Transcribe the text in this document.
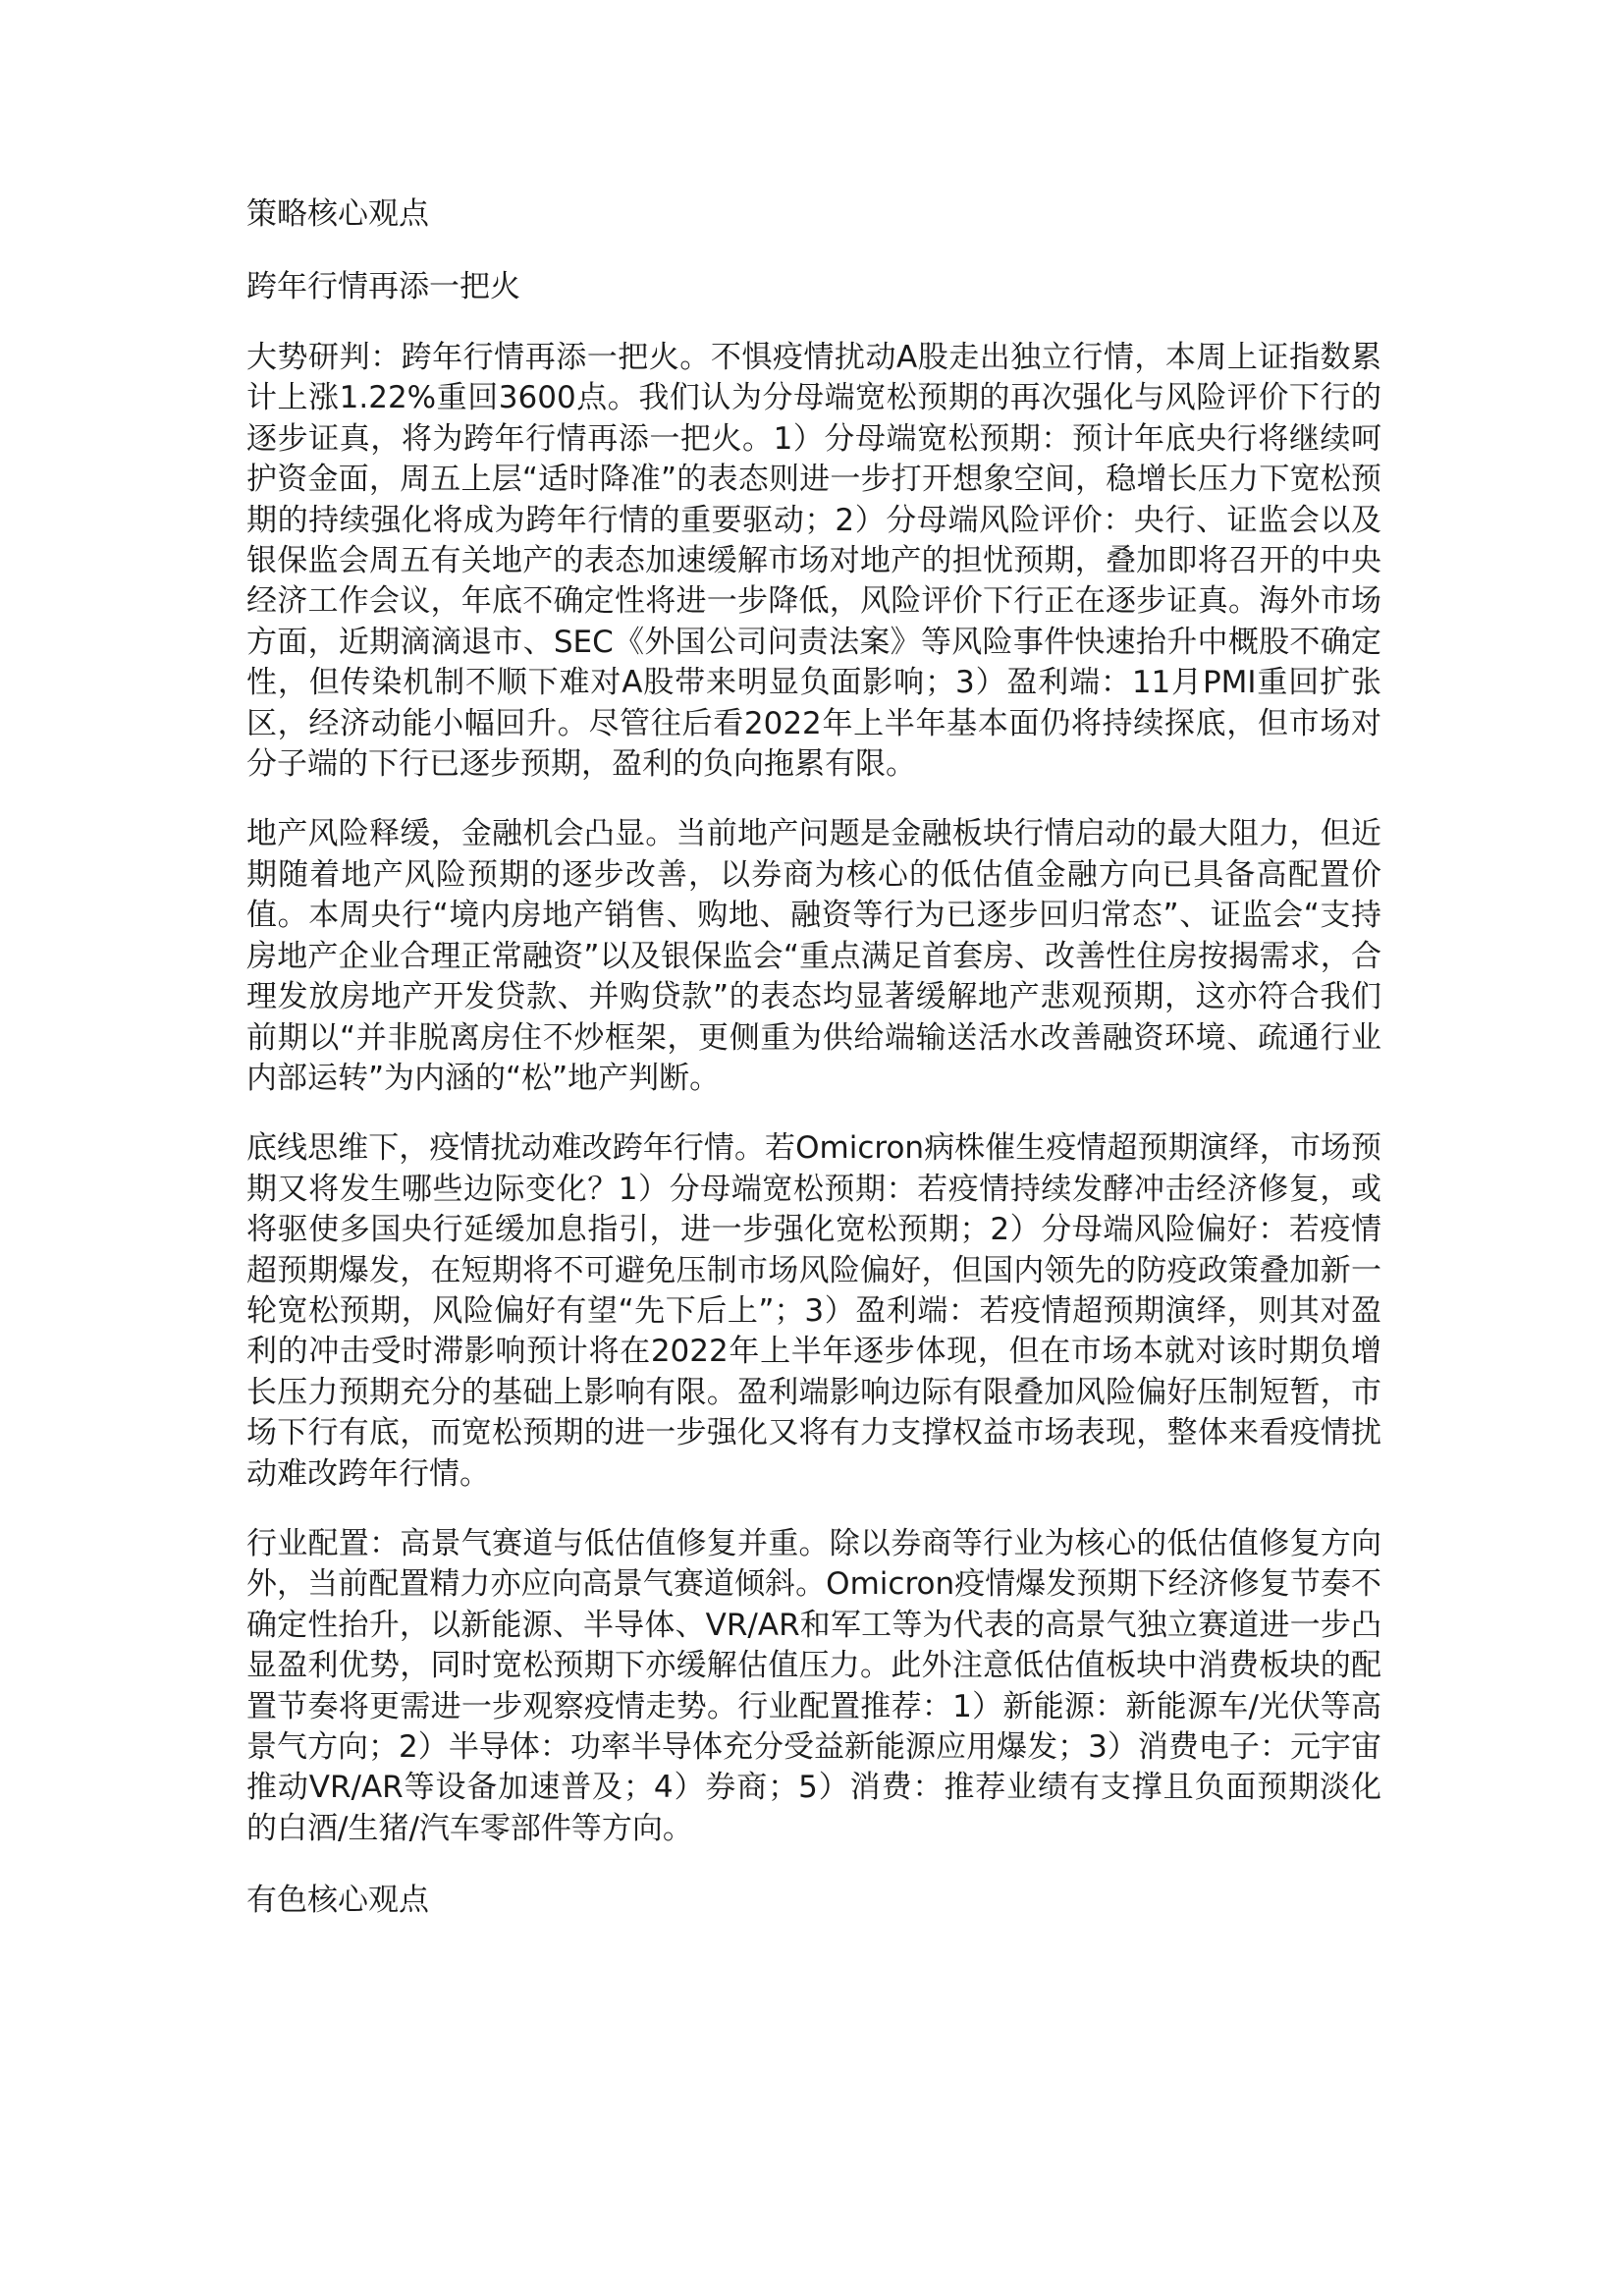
策略核心观点
跨年行情再添一把火

大势研判：跨年行情再添一把火。不惧疫情扰动A股走出独立行情，本周上证指数累计上涨1.22%重回3600点。我们认为分母端宽松预期的再次强化与风险评价下行的逐步证真，将为跨年行情再添一把火。1）分母端宽松预期：预计年底央行将继续呵护资金面，周五上层“适时降准”的表态则进一步打开想象空间，稳增长压力下宽松预期的持续强化将成为跨年行情的重要驱动；2）分母端风险评价：央行、证监会以及银保监会周五有关地产的表态加速缓解市场对地产的担忧预期，叠加即将召开的中央经济工作会议，年底不确定性将进一步降低，风险评价下行正在逐步证真。海外市场方面，近期滴滴退市、SEC《外国公司问责法案》等风险事件快速抬升中概股不确定性，但传染机制不顺下难对A股带来明显负面影响；3）盈利端：11月PMI重回扩张区，经济动能小幅回升。尽管往后看2022年上半年基本面仍将持续探底，但市场对分子端的下行已逐步预期，盈利的负向拖累有限。

地产风险释缓，金融机会凸显。当前地产问题是金融板块行情启动的最大阻力，但近期随着地产风险预期的逐步改善，以券商为核心的低估值金融方向已具备高配置价值。本周央行“境内房地产销售、购地、融资等行为已逐步回归常态”、证监会“支持房地产企业合理正常融资”以及银保监会“重点满足首套房、改善性住房按揭需求，合理发放房地产开发贷款、并购贷款”的表态均显著缓解地产悲观预期，这亦符合我们前期以“并非脱离房住不炒框架，更侧重为供给端输送活水改善融资环境、疏通行业内部运转”为内涵的“松”地产判断。

底线思维下，疫情扰动难改跨年行情。若Omicron病株催生疫情超预期演绎，市场预期又将发生哪些边际变化？1）分母端宽松预期：若疫情持续发酵冲击经济修复，或将驱使多国央行延缓加息指引，进一步强化宽松预期；2）分母端风险偏好：若疫情超预期爆发，在短期将不可避免压制市场风险偏好，但国内领先的防疫政策叠加新一轮宽松预期，风险偏好有望“先下后上”；3）盈利端：若疫情超预期演绎，则其对盈利的冲击受时滞影响预计将在2022年上半年逐步体现，但在市场本就对该时期负增长压力预期充分的基础上影响有限。盈利端影响边际有限叠加风险偏好压制短暂，市场下行有底，而宽松预期的进一步强化又将有力支撑权益市场表现，整体来看疫情扰动难改跨年行情。

行业配置：高景气赛道与低估值修复并重。除以券商等行业为核心的低估值修复方向外，当前配置精力亦应向高景气赛道倾斜。Omicron疫情爆发预期下经济修复节奏不确定性抬升，以新能源、半导体、VR/AR和军工等为代表的高景气独立赛道进一步凸显盈利优势，同时宽松预期下亦缓解估值压力。此外注意低估值板块中消费板块的配置节奏将更需进一步观察疫情走势。行业配置推荐：1）新能源：新能源车/光伏等高景气方向；2）半导体：功率半导体充分受益新能源应用爆发；3）消费电子：元宇宙推动VR/AR等设备加速普及；4）券商；5）消费：推荐业绩有支撑且负面预期淡化的白酒/生猪/汽车零部件等方向。

有色核心观点
